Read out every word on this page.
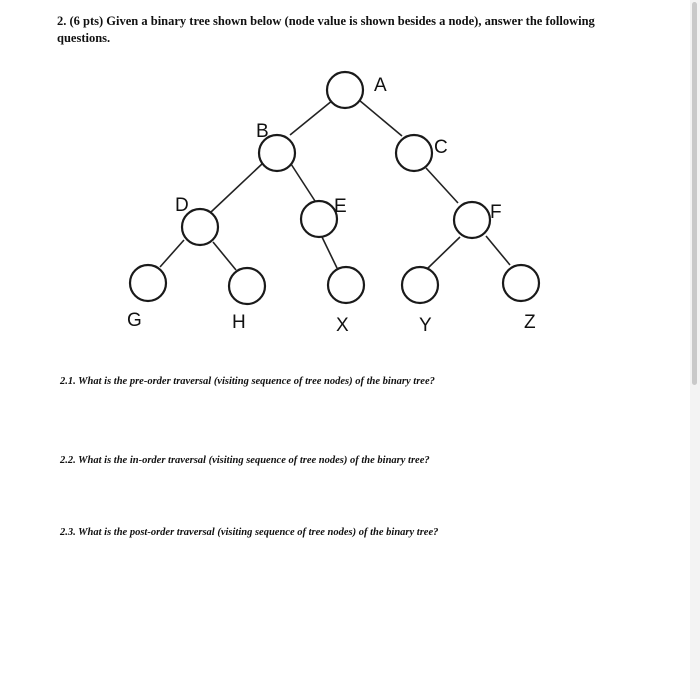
2. (6 pts) Given a binary tree shown below (node value is shown besides a node), answer the following questions.
A
B
C
D	E	F
G	H	X	Y	Z
2.1. What is the pre-order traversal (visiting sequence of tree nodes) of the binary tree?
2.2. What is the in-order traversal (visiting sequence of tree nodes) of the binary tree?
2.3. What is the post-order traversal (visiting sequence of tree nodes) of the binary tree?
